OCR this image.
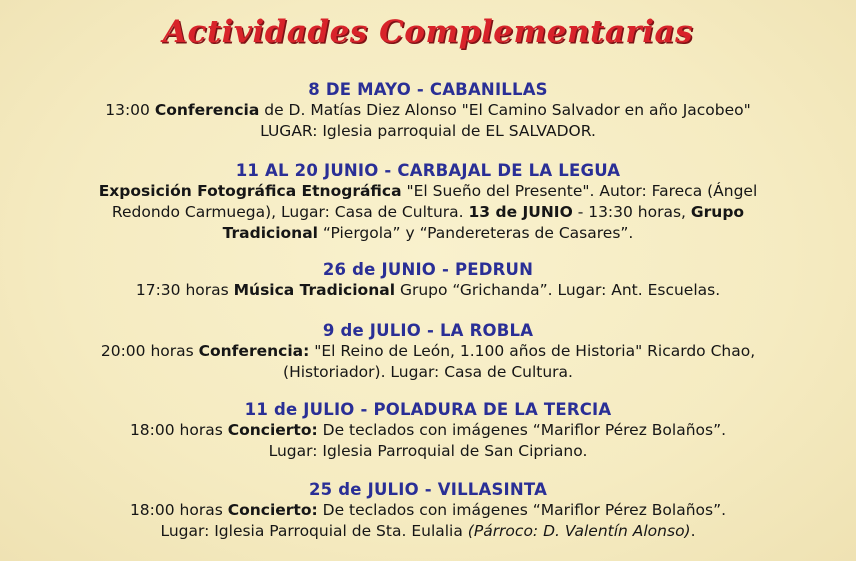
Actividades Complementarias
8 DE MAYO - CABANILLAS
13:00 Conferencia de D. Matías Diez Alonso "El Camino Salvador en año Jacobeo"
LUGAR: Iglesia parroquial de EL SALVADOR.
11 AL 20 JUNIO - CARBAJAL DE LA LEGUA
Exposición Fotográfica Etnográfica "El Sueño del Presente". Autor: Fareca (Ángel
Redondo Carmuega), Lugar: Casa de Cultura. 13 de JUNIO - 13:30 horas, Grupo
Tradicional “Piergola” y “Pandereteras de Casares”.
26 de JUNIO - PEDRUN
17:30 horas Música Tradicional Grupo “Grichanda”. Lugar: Ant. Escuelas.
9 de JULIO - LA ROBLA
20:00 horas Conferencia: "El Reino de León, 1.100 años de Historia" Ricardo Chao,
(Historiador). Lugar: Casa de Cultura.
11 de JULIO - POLADURA DE LA TERCIA
18:00 horas Concierto: De teclados con imágenes “Mariflor Pérez Bolaños”.
Lugar: Iglesia Parroquial de San Cipriano.
25 de JULIO - VILLASINTA
18:00 horas Concierto: De teclados con imágenes “Mariflor Pérez Bolaños”.
Lugar: Iglesia Parroquial de Sta. Eulalia (Párroco: D. Valentín Alonso).
